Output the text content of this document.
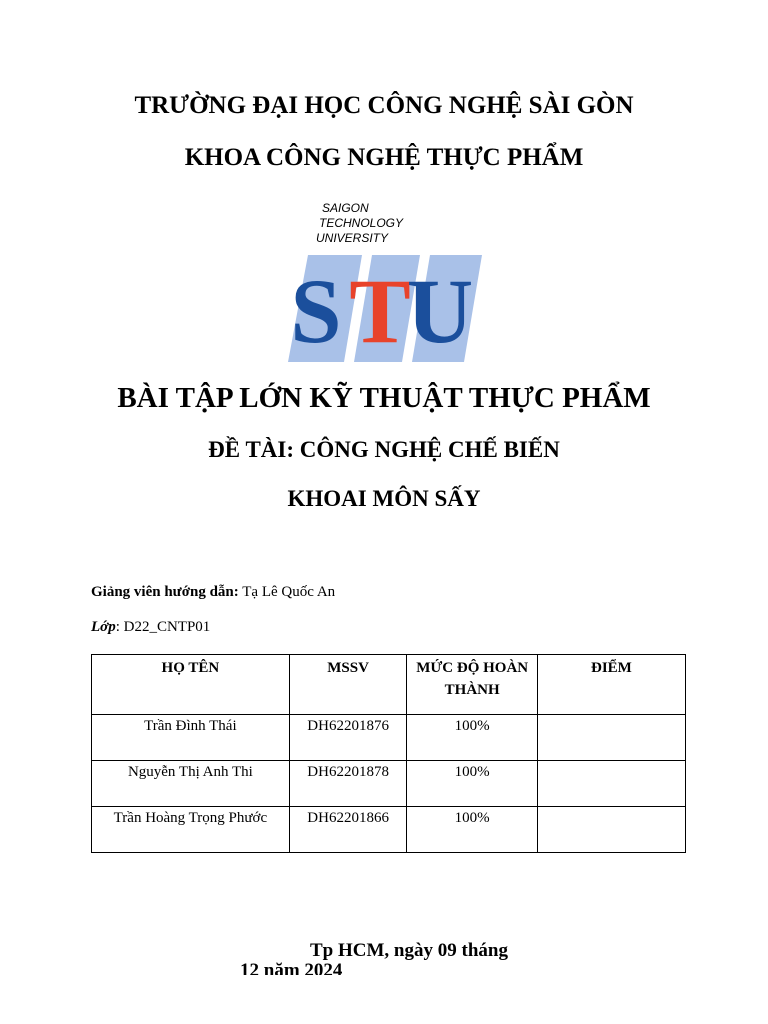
TRƯỜNG ĐẠI HỌC CÔNG NGHỆ SÀI GÒN
KHOA CÔNG NGHỆ THỰC PHẨM
SAIGON
TECHNOLOGY
UNIVERSITY
S T
U
BÀI TẬP LỚN KỸ THUẬT THỰC PHẨM
ĐỀ TÀI: CÔNG NGHỆ CHẾ BIẾN
KHOAI MÔN SẤY
Giảng viên hướng dẫn: Tạ Lê Quốc An
Lớp: D22_CNTP01
HỌ TÊN	MSSV	MỨC ĐỘ HOÀN THÀNH	ĐIỂM
Trần Đình Thái	DH62201876	100%	
Nguyễn Thị Anh Thi	DH62201878	100%	
Trần Hoàng Trọng Phước	DH62201866	100%	
Tp HCM, ngày 09 tháng
12 năm 2024
